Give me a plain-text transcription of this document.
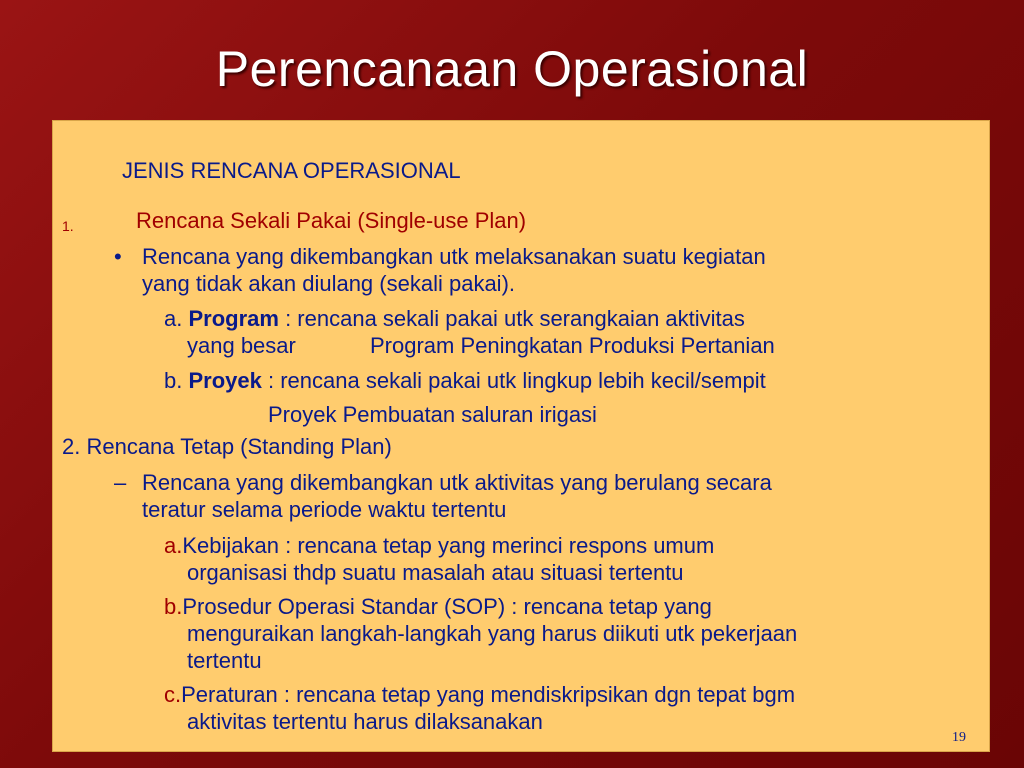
Perencanaan Operasional
JENIS RENCANA OPERASIONAL
1.	Rencana Sekali Pakai (Single-use Plan)
• Rencana yang dikembangkan utk melaksanakan suatu kegiatan
yang tidak akan diulang (sekali pakai).
a. Program : rencana sekali pakai utk serangkaian aktivitas
yang besar	Program Peningkatan Produksi Pertanian
b. Proyek : rencana sekali pakai utk lingkup lebih kecil/sempit
Proyek Pembuatan saluran irigasi
2. Rencana Tetap (Standing Plan)
– Rencana yang dikembangkan utk aktivitas yang berulang secara
teratur selama periode waktu tertentu
a.Kebijakan : rencana tetap yang merinci respons umum
organisasi thdp suatu masalah atau situasi tertentu
b.Prosedur Operasi Standar (SOP) : rencana tetap yang
menguraikan langkah-langkah yang harus diikuti utk pekerjaan
tertentu
c.Peraturan : rencana tetap yang mendiskripsikan dgn tepat bgm
aktivitas tertentu harus dilaksanakan
19
